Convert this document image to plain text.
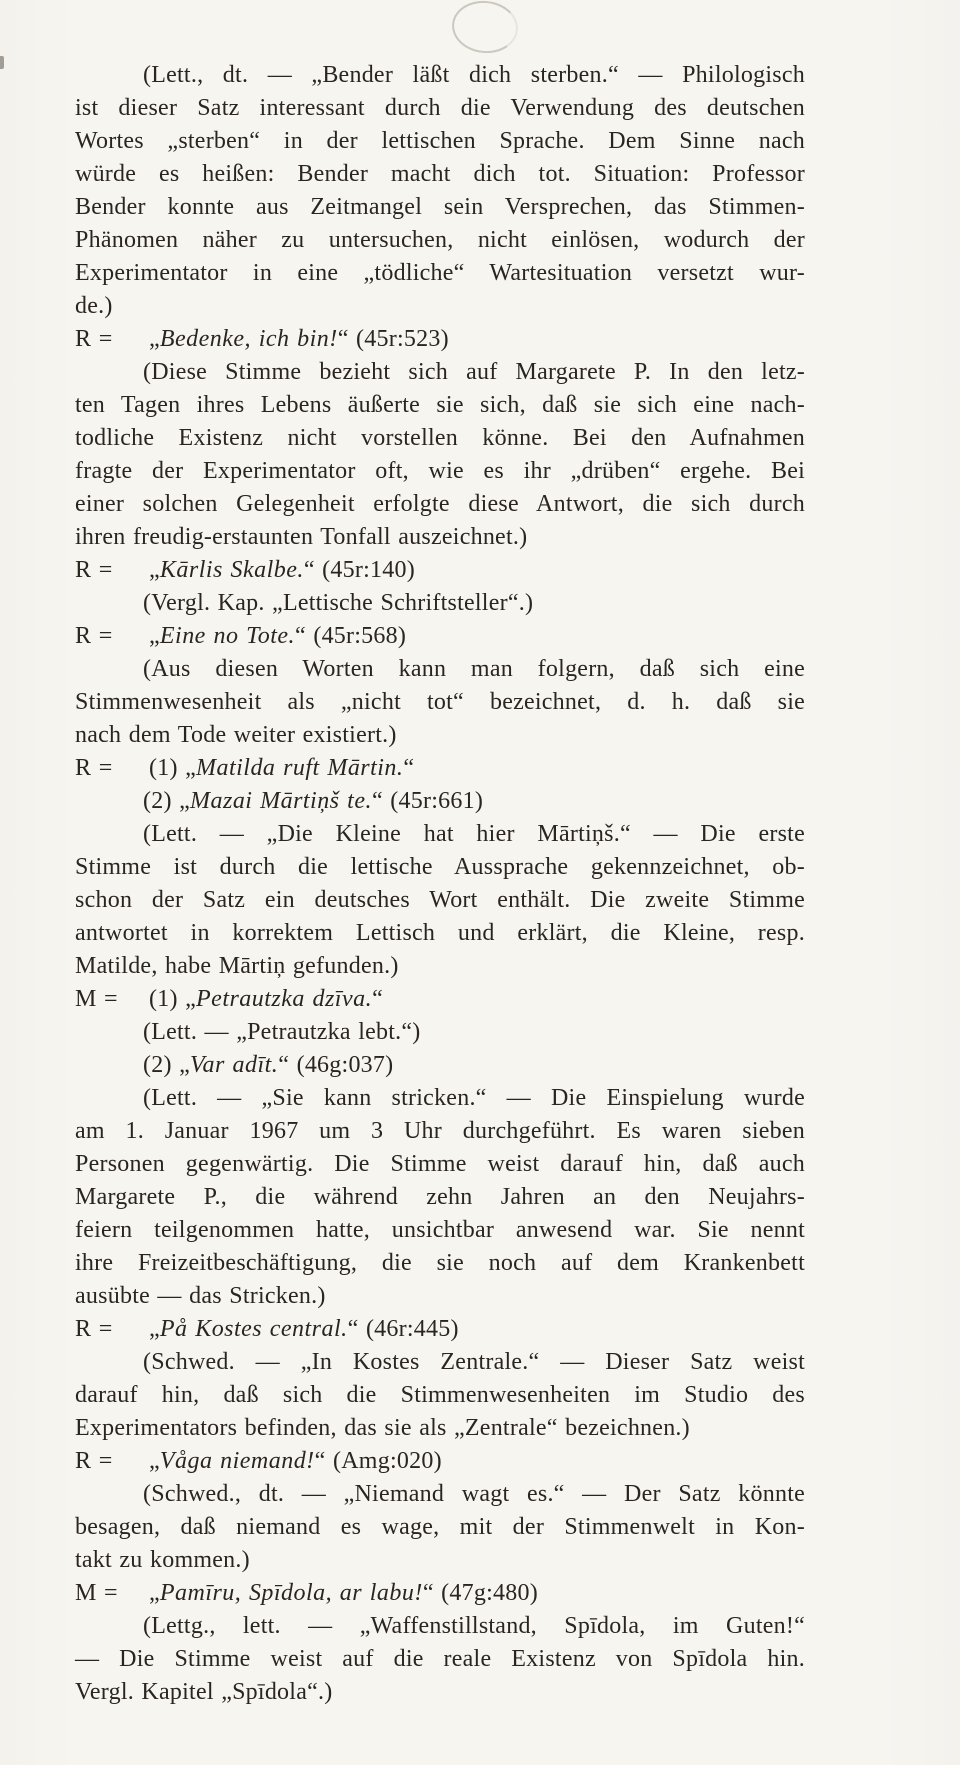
(Lett., dt. — „Bender läßt dich sterben.“ — Philologisch
ist dieser Satz interessant durch die Verwendung des deutschen
Wortes „sterben“ in der lettischen Sprache. Dem Sinne nach
würde es heißen: Bender macht dich tot. Situation: Professor
Bender konnte aus Zeitmangel sein Versprechen, das Stimmen-
Phänomen näher zu untersuchen, nicht einlösen, wodurch der
Experimentator in eine „tödliche“ Wartesituation versetzt wur-
de.)
R = „Bedenke, ich bin!“ (45r:523)
(Diese Stimme bezieht sich auf Margarete P. In den letz-
ten Tagen ihres Lebens äußerte sie sich, daß sie sich eine nach-
todliche Existenz nicht vorstellen könne. Bei den Aufnahmen
fragte der Experimentator oft, wie es ihr „drüben“ ergehe. Bei
einer solchen Gelegenheit erfolgte diese Antwort, die sich durch
ihren freudig-erstaunten Tonfall auszeichnet.)
R = „Kārlis Skalbe.“ (45r:140)
(Vergl. Kap. „Lettische Schriftsteller“.)
R = „Eine no Tote.“ (45r:568)
(Aus diesen Worten kann man folgern, daß sich eine
Stimmenwesenheit als „nicht tot“ bezeichnet, d. h. daß sie
nach dem Tode weiter existiert.)
R = (1) „Matilda ruft Mārtin.“
(2) „Mazai Mārtiņš te.“ (45r:661)
(Lett. — „Die Kleine hat hier Mārtiņš.“ — Die erste
Stimme ist durch die lettische Aussprache gekennzeichnet, ob-
schon der Satz ein deutsches Wort enthält. Die zweite Stimme
antwortet in korrektem Lettisch und erklärt, die Kleine, resp.
Matilde, habe Mārtiņ gefunden.)
M = (1) „Petrautzka dzīva.“
(Lett. — „Petrautzka lebt.“)
(2) „Var adīt.“ (46g:037)
(Lett. — „Sie kann stricken.“ — Die Einspielung wurde
am 1. Januar 1967 um 3 Uhr durchgeführt. Es waren sieben
Personen gegenwärtig. Die Stimme weist darauf hin, daß auch
Margarete P., die während zehn Jahren an den Neujahrs-
feiern teilgenommen hatte, unsichtbar anwesend war. Sie nennt
ihre Freizeitbeschäftigung, die sie noch auf dem Krankenbett
ausübte — das Stricken.)
R = „På Kostes central.“ (46r:445)
(Schwed. — „In Kostes Zentrale.“ — Dieser Satz weist
darauf hin, daß sich die Stimmenwesenheiten im Studio des
Experimentators befinden, das sie als „Zentrale“ bezeichnen.)
R = „Våga niemand!“ (Amg:020)
(Schwed., dt. — „Niemand wagt es.“ — Der Satz könnte
besagen, daß niemand es wage, mit der Stimmenwelt in Kon-
takt zu kommen.)
M = „Pamīru, Spīdola, ar labu!“ (47g:480)
(Lettg., lett. — „Waffenstillstand, Spīdola, im Guten!“
— Die Stimme weist auf die reale Existenz von Spīdola hin.
Vergl. Kapitel „Spīdola“.)
